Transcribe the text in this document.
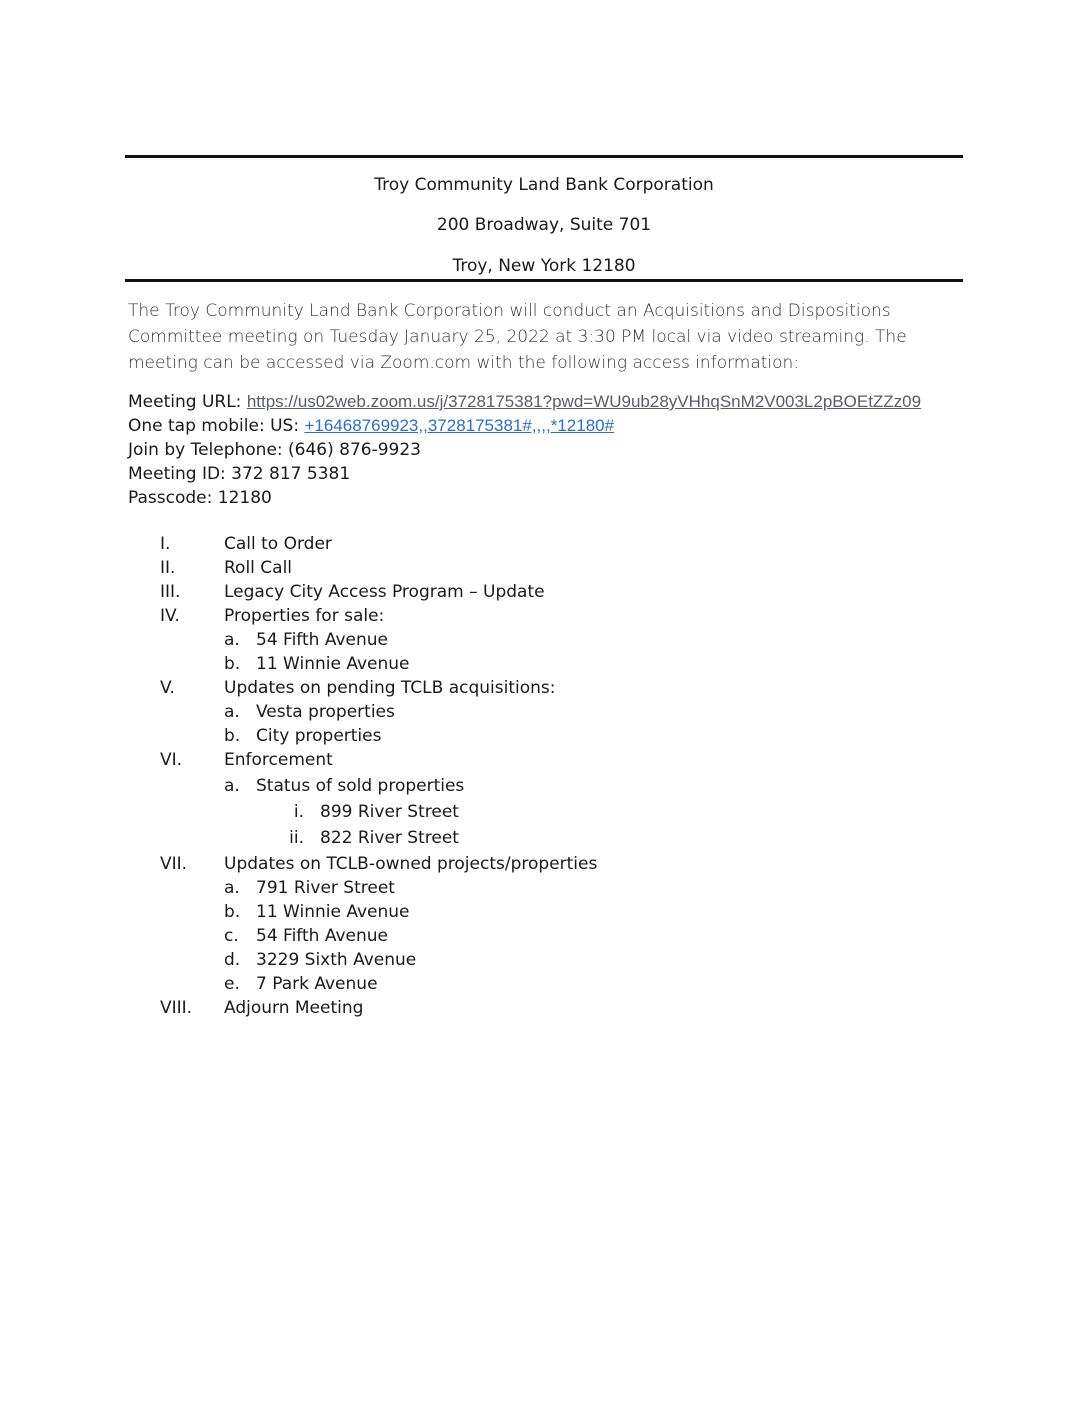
Troy Community Land Bank Corporation
200 Broadway, Suite 701
Troy, New York 12180
The Troy Community Land Bank Corporation will conduct an Acquisitions and Dispositions Committee meeting on Tuesday January 25, 2022 at 3:30 PM local via video streaming. The meeting can be accessed via Zoom.com with the following access information:
Meeting URL: https://us02web.zoom.us/j/3728175381?pwd=WU9ub28yVHhqSnM2V003L2pBOEtZZz09
One tap mobile: US: +16468769923,,3728175381#,,,,*12180#
Join by Telephone: (646) 876-9923
Meeting ID: 372 817 5381
Passcode: 12180
I.	Call to Order
II.	Roll Call
III.	Legacy City Access Program – Update
IV.	Properties for sale:
a. 54 Fifth Avenue
b. 11 Winnie Avenue
V.	Updates on pending TCLB acquisitions:
a. Vesta properties
b. City properties
VI. Enforcement
a. Status of sold properties
i. 899 River Street
ii. 822 River Street
VII. Updates on TCLB-owned projects/properties
a. 791 River Street
b. 11 Winnie Avenue
c. 54 Fifth Avenue
d. 3229 Sixth Avenue
e. 7 Park Avenue
VIII. Adjourn Meeting
